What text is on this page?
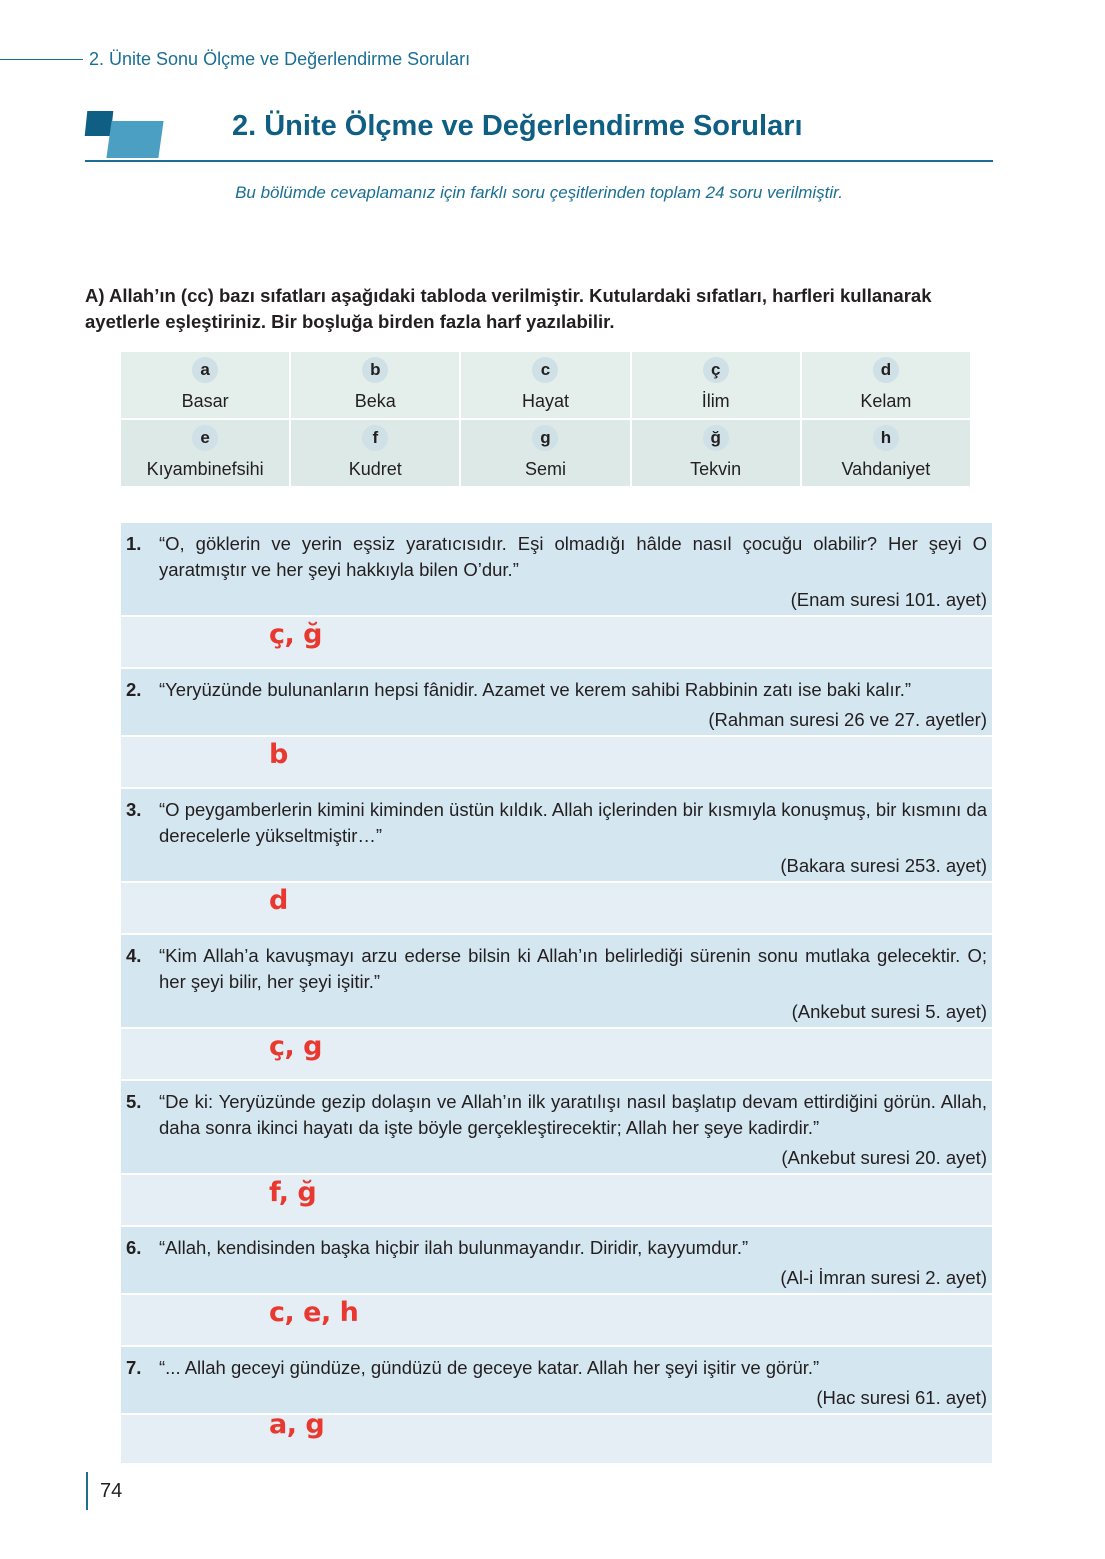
2. Ünite Sonu Ölçme ve Değerlendirme Soruları
2. Ünite Ölçme ve Değerlendirme Soruları
Bu bölümde cevaplamanız için farklı soru çeşitlerinden toplam 24 soru verilmiştir.
A) Allah’ın (cc) bazı sıfatları aşağıdaki tabloda verilmiştir. Kutulardaki sıfatları, harfleri kullanarak ayetlerle eşleştiriniz. Bir boşluğa birden fazla harf yazılabilir.
a
Basar
b
Beka
c
Hayat
ç
İlim
d
Kelam
e
Kıyambinefsihi
f
Kudret
g
Semi
ğ
Tekvin
h
Vahdaniyet
1. “O, göklerin ve yerin eşsiz yaratıcısıdır. Eşi olmadığı hâlde nasıl çocuğu olabilir? Her şeyi O yaratmıştır ve her şeyi hakkıyla bilen O’dur.”
(Enam suresi 101. ayet)
ç, ğ
2. “Yeryüzünde bulunanların hepsi fânidir. Azamet ve kerem sahibi Rabbinin zatı ise baki kalır.”
(Rahman suresi 26 ve 27. ayetler)
b
3. “O peygamberlerin kimini kiminden üstün kıldık. Allah içlerinden bir kısmıyla konuşmuş, bir kısmını da derecelerle yükseltmiştir…”
(Bakara suresi 253. ayet)
d
4. “Kim Allah’a kavuşmayı arzu ederse bilsin ki Allah’ın belirlediği sürenin sonu mutlaka gelecektir. O; her şeyi bilir, her şeyi işitir.”
(Ankebut suresi 5. ayet)
ç, g
5. “De ki: Yeryüzünde gezip dolaşın ve Allah’ın ilk yaratılışı nasıl başlatıp devam ettirdiğini görün. Allah, daha sonra ikinci hayatı da işte böyle gerçekleştirecektir; Allah her şeye kadirdir.”
(Ankebut suresi 20. ayet)
f, ğ
6. “Allah, kendisinden başka hiçbir ilah bulunmayandır. Diridir, kayyumdur.”
(Al-i İmran suresi 2. ayet)
c, e, h
7. “... Allah geceyi gündüze, gündüzü de geceye katar. Allah her şeyi işitir ve görür.”
(Hac suresi 61. ayet)
a, g
74
